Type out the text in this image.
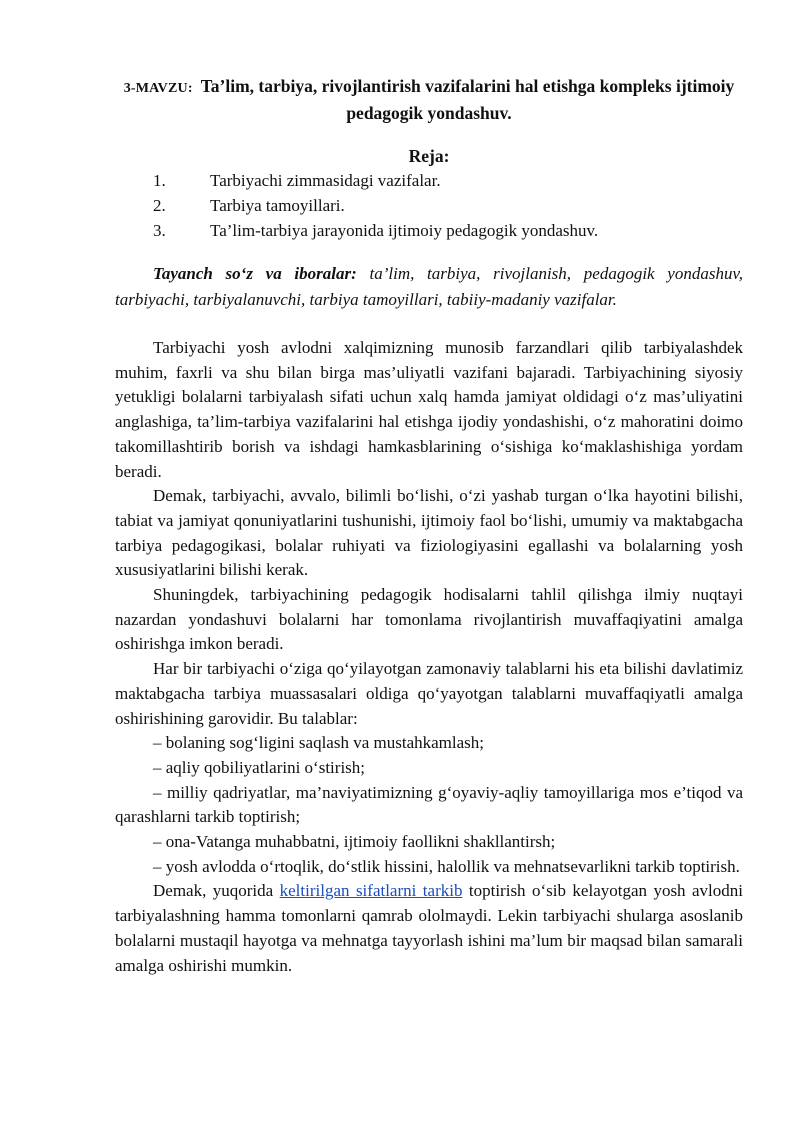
3-MAVZU: Ta’lim, tarbiya, rivojlantirish vazifalarini hal etishga kompleks ijtimoiy pedagogik yondashuv.
Reja:
1.	Tarbiyachi zimmasidagi vazifalar.
2.	Tarbiya tamoyillari.
3.	Ta’lim-tarbiya jarayonida ijtimoiy pedagogik yondashuv.

Tayanch so‘z va iboralar: ta’lim, tarbiya, rivojlanish, pedagogik yondashuv, tarbiyachi, tarbiyalanuvchi, tarbiya tamoyillari, tabiiy-madaniy vazifalar.

Tarbiyachi yosh avlodni xalqimizning munosib farzandlari qilib tarbiyalashdek muhim, faxrli va shu bilan birga mas’uliyatli vazifani bajaradi. Tarbiyachining siyosiy yetukligi bolalarni tarbiyalash sifati uchun xalq hamda jamiyat oldidagi o‘z mas’uliyatini anglashiga, ta’lim-tarbiya vazifalarini hal etishga ijodiy yondashishi, o‘z mahoratini doimo takomillashtirib borish va ishdagi hamkasblarining o‘sishiga ko‘maklashishiga yordam beradi.

Demak, tarbiyachi, avvalo, bilimli bo‘lishi, o‘zi yashab turgan o‘lka hayotini bilishi, tabiat va jamiyat qonuniyatlarini tushunishi, ijtimoiy faol bo‘lishi, umumiy va maktabgacha tarbiya pedagogikasi, bolalar ruhiyati va fiziologiyasini egallashi va bolalarning yosh xususiyatlarini bilishi kerak.

Shuningdek, tarbiyachining pedagogik hodisalarni tahlil qilishga ilmiy nuqtayi nazardan yondashuvi bolalarni har tomonlama rivojlantirish muvaffaqiyatini amalga oshirishga imkon beradi.

Har bir tarbiyachi o‘ziga qo‘yilayotgan zamonaviy talablarni his eta bilishi davlatimiz maktabgacha tarbiya muassasalari oldiga qo‘yayotgan talablarni muvaffaqiyatli amalga oshirishining garovidir. Bu talablar:

– bolaning sog‘ligini saqlash va mustahkamlash;

– aqliy qobiliyatlarini o‘stirish;

– milliy qadriyatlar, ma’naviyatimizning g‘oyaviy-aqliy tamoyillariga mos e’tiqod va qarashlarni tarkib toptirish;

– ona-Vatanga muhabbatni, ijtimoiy faollikni shakllantirsh;

– yosh avlodda o‘rtoqlik, do‘stlik hissini, halollik va mehnatsevarlikni tarkib toptirish.

Demak, yuqorida keltirilgan sifatlarni tarkib toptirish o‘sib kelayotgan yosh avlodni tarbiyalashning hamma tomonlarni qamrab ololmaydi. Lekin tarbiyachi shularga asoslanib bolalarni mustaqil hayotga va mehnatga tayyorlash ishini ma’lum bir maqsad bilan samarali amalga oshirishi mumkin.
